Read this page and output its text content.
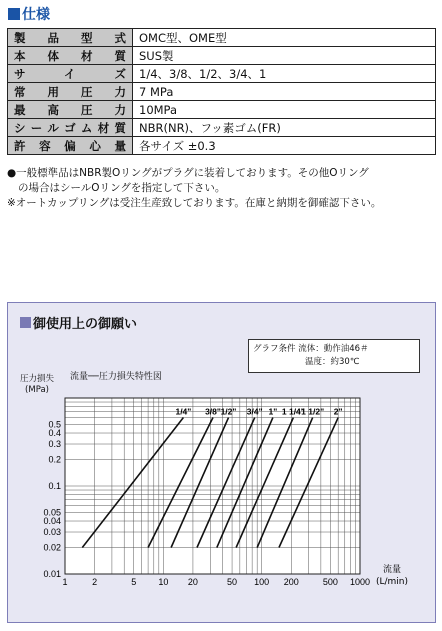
仕様
製品型式	OMC型、OME型
本体材質	SUS製
サイズ	1/4、3/8、1/2、3/4、1
常用圧力	7 MPa
最高圧力	10MPa
シールゴム材質	NBR(NR)、フッ素ゴム(FR)
許容偏心量	各サイズ ±0.3
●一般標準品はNBR製Oリングがプラグに装着しております。その他Oリング
の場合はシールOリングを指定して下さい。
※オートカップリングは受注生産致しております。在庫と納期を御確認下さい。
御使用上の御願い
グラフ条件 流体：動作油46＃
温度：約30℃
流量──圧力損失特性図
圧力損失
(MPa)
0.01
0.02
0.03
0.04
0.05
0.1
0.2
0.3
0.4
0.5
1	2	5 10 20	50 100 200	500 1000
流量
(L/min)
1/4" 3/8" 1/2" 3/4" 1" 1 1/4"
1 1/2" 2"
